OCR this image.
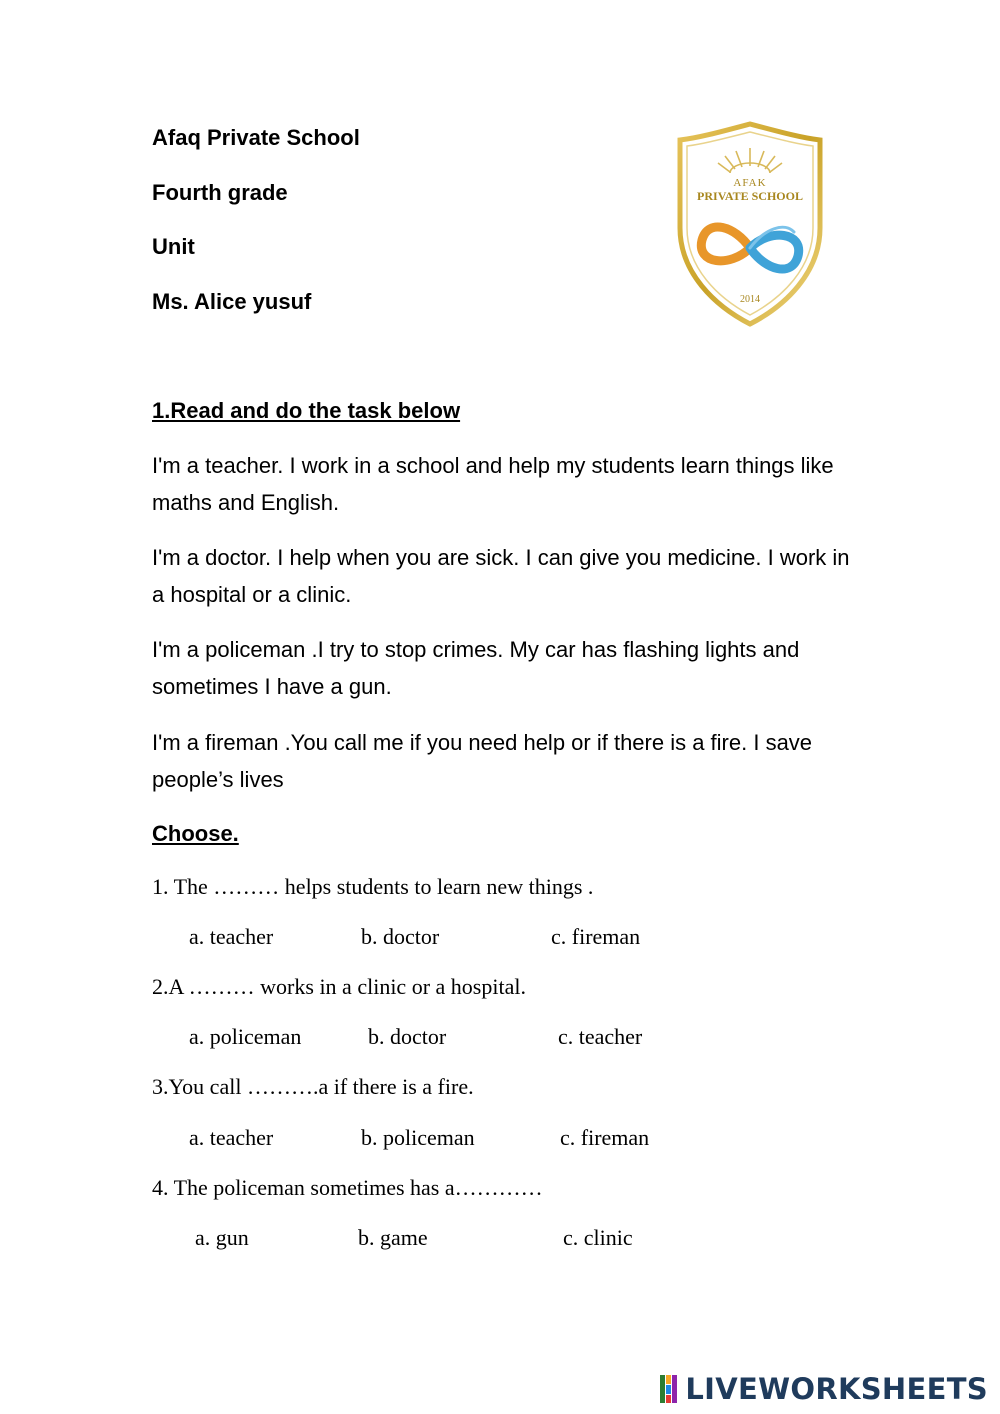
Afaq Private School
Fourth grade
Unit
Ms. Alice yusuf
AFAK
PRIVATE SCHOOL
2014
1.Read and do the task below
I'm a teacher. I work in a school and help my students learn things like maths and English.
I'm a doctor. I help when you are sick. I can give you medicine. I work in a hospital or a clinic.
I'm a policeman .I try to stop crimes. My car has flashing lights and sometimes I have a gun.
I'm a fireman .You call me if you need help or if there is a fire. I save people’s lives
Choose.
1. The ……… helps students to learn new things .
a. teacher	b. doctor	c. fireman
2.A ……… works in a clinic or a hospital.
a. policeman	b. doctor	c. teacher
3.You call ……….a if there is a fire.
a. teacher	b. policeman	c. fireman
4. The policeman sometimes has a…………
a. gun	b. game	c. clinic
LIVEWORKSHEETS
